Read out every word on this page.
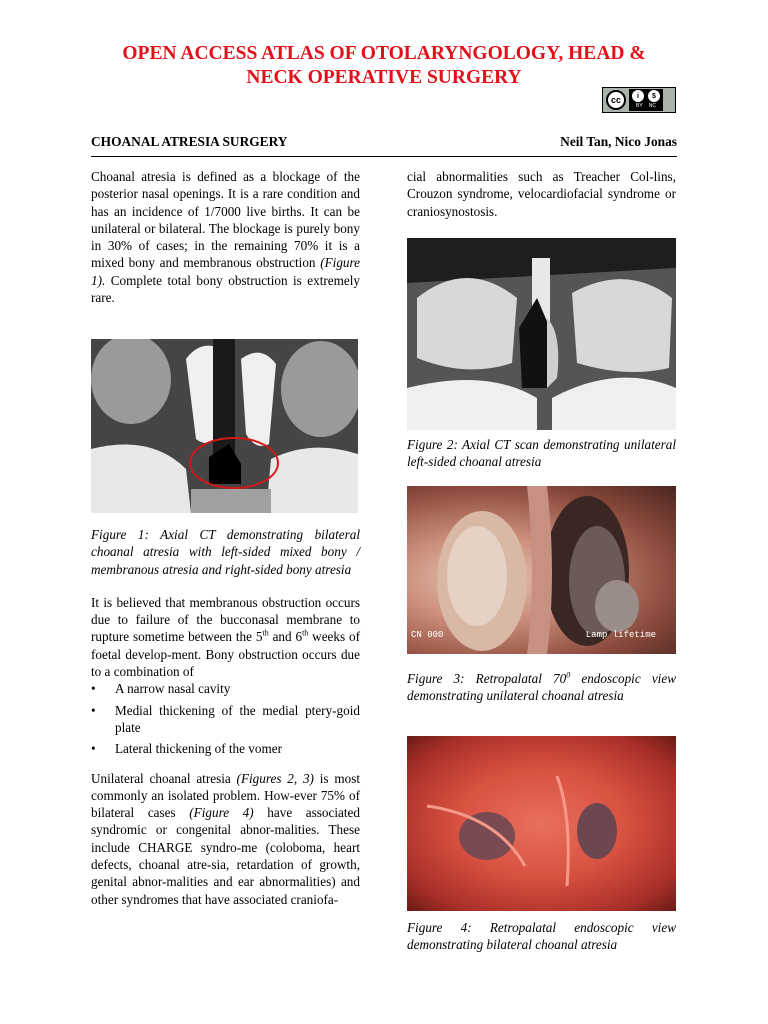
OPEN ACCESS ATLAS OF OTOLARYNGOLOGY, HEAD &
NECK OPERATIVE SURGERY
cc	i	$
BY NC
CHOANAL ATRESIA SURGERY	Neil Tan, Nico Jonas

Choanal atresia is defined as a blockage of the posterior nasal openings. It is a rare condition and has an incidence of 1/7000 live births. It can be unilateral or bilateral. The blockage is purely bony in 30% of cases; in the remaining 70% it is a mixed bony and membranous obstruction (Figure 1). Complete total bony obstruction is extremely rare.

Figure 1: Axial CT demonstrating bilateral choanal atresia with left-sided mixed bony / membranous atresia and right-sided bony atresia

It is believed that membranous obstruction occurs due to failure of the bucconasal membrane to rupture sometime between the 5th and 6th weeks of foetal develop-ment. Bony obstruction occurs due to a combination of

• A narrow nasal cavity
• Medial thickening of the medial ptery-goid plate
• Lateral thickening of the vomer

Unilateral choanal atresia (Figures 2, 3) is most commonly an isolated problem. How-ever 75% of bilateral cases (Figure 4) have associated syndromic or congenital abnor-malities. These include CHARGE syndro-me (coloboma, heart defects, choanal atre-sia, retardation of growth, genital abnor-malities and ear abnormalities) and other syndromes that have associated craniofa-

cial abnormalities such as Treacher Col-lins, Crouzon syndrome, velocardiofacial syndrome or craniosynostosis.

Figure 2: Axial CT scan demonstrating unilateral left-sided choanal atresia

CN 000	Lamp lifetime

Figure 3: Retropalatal $70^0$ endoscopic view demonstrating unilateral choanal atresia

Figure 4: Retropalatal endoscopic view demonstrating bilateral choanal atresia
